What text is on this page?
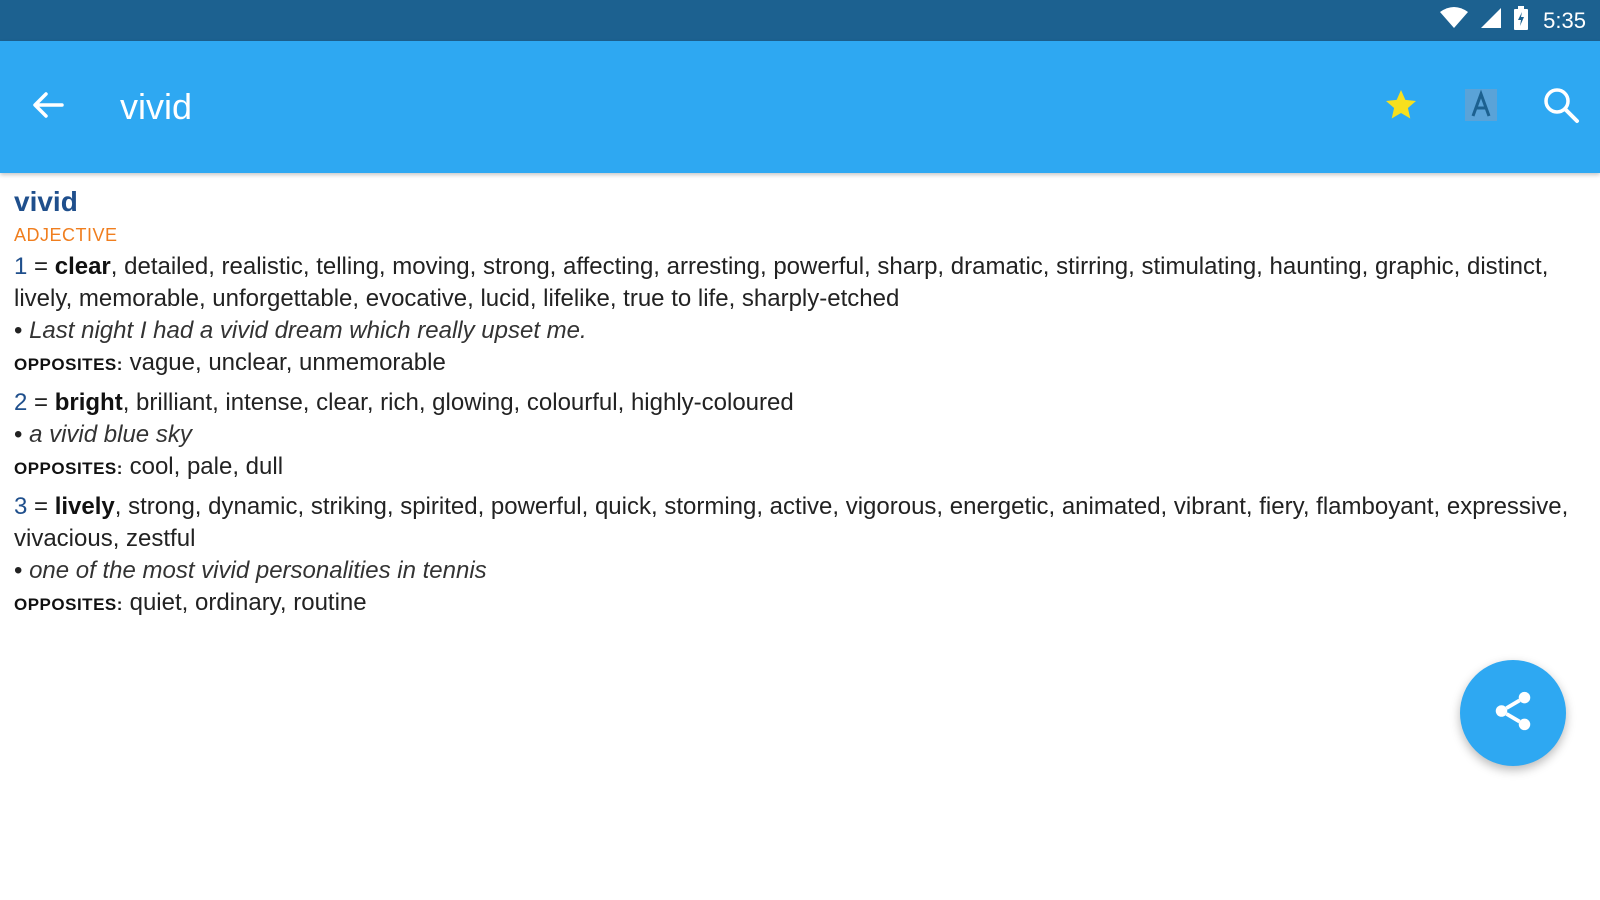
5:35
vivid
vivid
ADJECTIVE
1 = clear, detailed, realistic, telling, moving, strong, affecting, arresting, powerful, sharp, dramatic, stirring, stimulating, haunting, graphic, distinct, lively, memorable, unforgettable, evocative, lucid, lifelike, true to life, sharply-etched
• Last night I had a vivid dream which really upset me.
OPPOSITES: vague, unclear, unmemorable
2 = bright, brilliant, intense, clear, rich, glowing, colourful, highly-coloured
• a vivid blue sky
OPPOSITES: cool, pale, dull
3 = lively, strong, dynamic, striking, spirited, powerful, quick, storming, active, vigorous, energetic, animated, vibrant, fiery, flamboyant, expressive, vivacious, zestful
• one of the most vivid personalities in tennis
OPPOSITES: quiet, ordinary, routine
